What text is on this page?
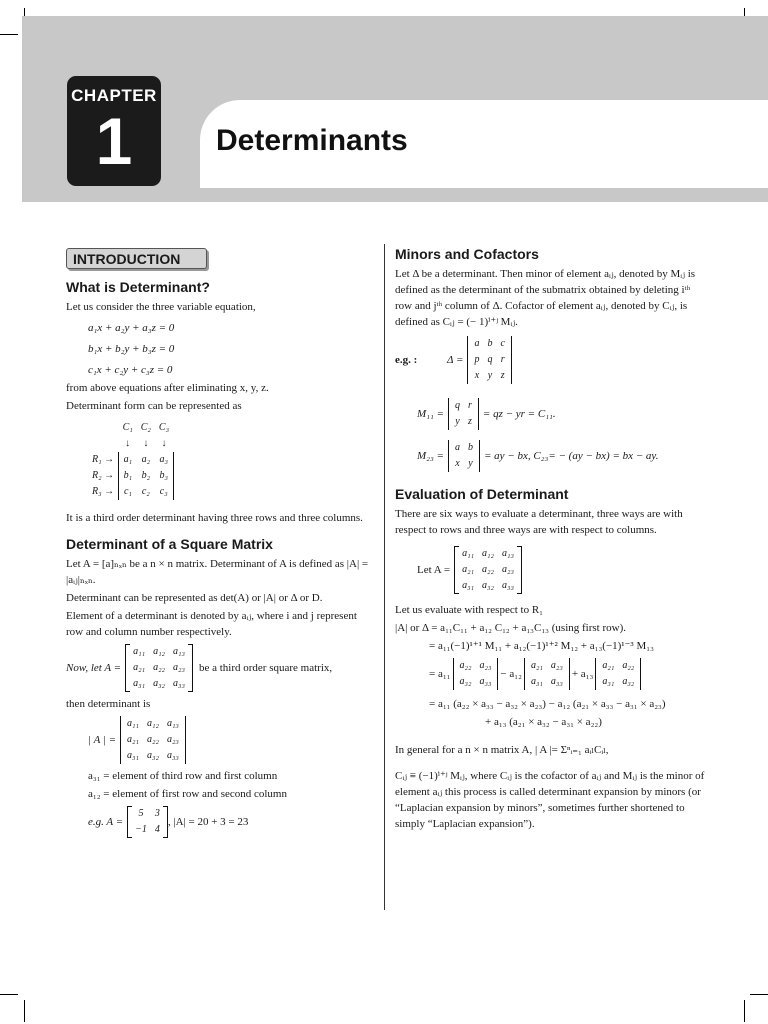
CHAPTER
1	Determinants
INTRODUCTION
What is Determinant?

Let us consider the three variable equation,

a₁x + a₂y + a₃z = 0
b₁x + b₂y + b₃z = 0
c₁x + c₂y + c₃z = 0

from above equations after eliminating x, y, z.

Determinant form can be represented as

	C₁	C₂	C₃
	↓	↓	↓
R₁ →	a₁	a₂	a₃
R₂ →	b₁	b₂	b₃
R₃ →	c₁	c₂	c₃

It is a third order determinant having three rows and three columns.

Determinant of a Square Matrix

Let A = [a]ₙₓₙ be a n × n matrix. Determinant of A is defined as |A| = |aᵢⱼ|ₙₓₙ.

Determinant can be represented as det(A) or |A| or Δ or D.

Element of a determinant is denoted by aᵢⱼ, where i and j represent row and column number respectively.

Now, let A =
a₁₁	a₁₂	a₁₃
a₂₁	a₂₂	a₂₃
a₃₁	a₃₂	a₃₃
be a third order square matrix,

then determinant is

| A | =
a₁₁	a₁₂	a₁₃
a₂₁	a₂₂	a₂₃
a₃₁	a₃₂	a₃₃

a₃₁ = element of third row and first column

a₁₂ = element of first row and second column

e.g. A =
5	3
−1	4
, |A| = 20 + 3 = 23
Minors and Cofactors

Let Δ be a determinant. Then minor of element aᵢⱼ, denoted by Mᵢⱼ is defined as the determinant of the submatrix obtained by deleting iᵗʰ row and jᵗʰ column of Δ. Cofactor of element aᵢⱼ, denoted by Cᵢⱼ, is defined as Cᵢⱼ = (− 1)ⁱ⁺ʲ Mᵢⱼ.

e.g. :	Δ =
a	b	c
p	q	r
x	y	z
M₁₁ =
q	r
y	z
= qz − yr = C₁₁.
M₂₃ =
a	b
x	y
= ay − bx, C₂₃= − (ay − bx) = bx − ay.
Evaluation of Determinant

There are six ways to evaluate a determinant, three ways are with respect to rows and three ways are with respect to columns.

Let A =
a₁₁	a₁₂	a₁₃
a₂₁	a₂₂	a₂₃
a₃₁	a₃₂	a₃₃

Let us evaluate with respect to R₁

|A| or Δ = a₁₁C₁₁ + a₁₂ C₁₂ + a₁₃C₁₃ (using first row).

= a₁₁(−1)¹⁺¹ M₁₁ + a₁₂(−1)¹⁺² M₁₂ + a₁₃(−1)¹⁻³ M₁₃

= a₁₁
a₂₂	a₂₃
a₃₂	a₃₃
− a₁₂
a₂₁	a₂₃
a₃₁	a₃₃
+ a₁₃
a₂₁	a₂₂
a₃₁	a₃₂

= a₁₁ (a₂₂ × a₃₃ − a₃₂ × a₂₃) − a₁₂ (a₂₁ × a₃₃ − a₃₁ × a₂₃)

+ a₁₃ (a₂₁ × a₃₂ − a₃₁ × a₂₂)

In general for a n × n matrix A, | A |= Σⁿᵢ₌₁ aᵢₗCᵢₗ,

Cᵢⱼ ≡ (−1)ⁱ⁺ʲ Mᵢⱼ, where Cᵢⱼ is the cofactor of aᵢⱼ and Mᵢⱼ is the minor of element aᵢⱼ this process is called determinant expansion by minors (or “Laplacian expansion by minors”, sometimes further shortened to simply “Laplacian expansion”).
